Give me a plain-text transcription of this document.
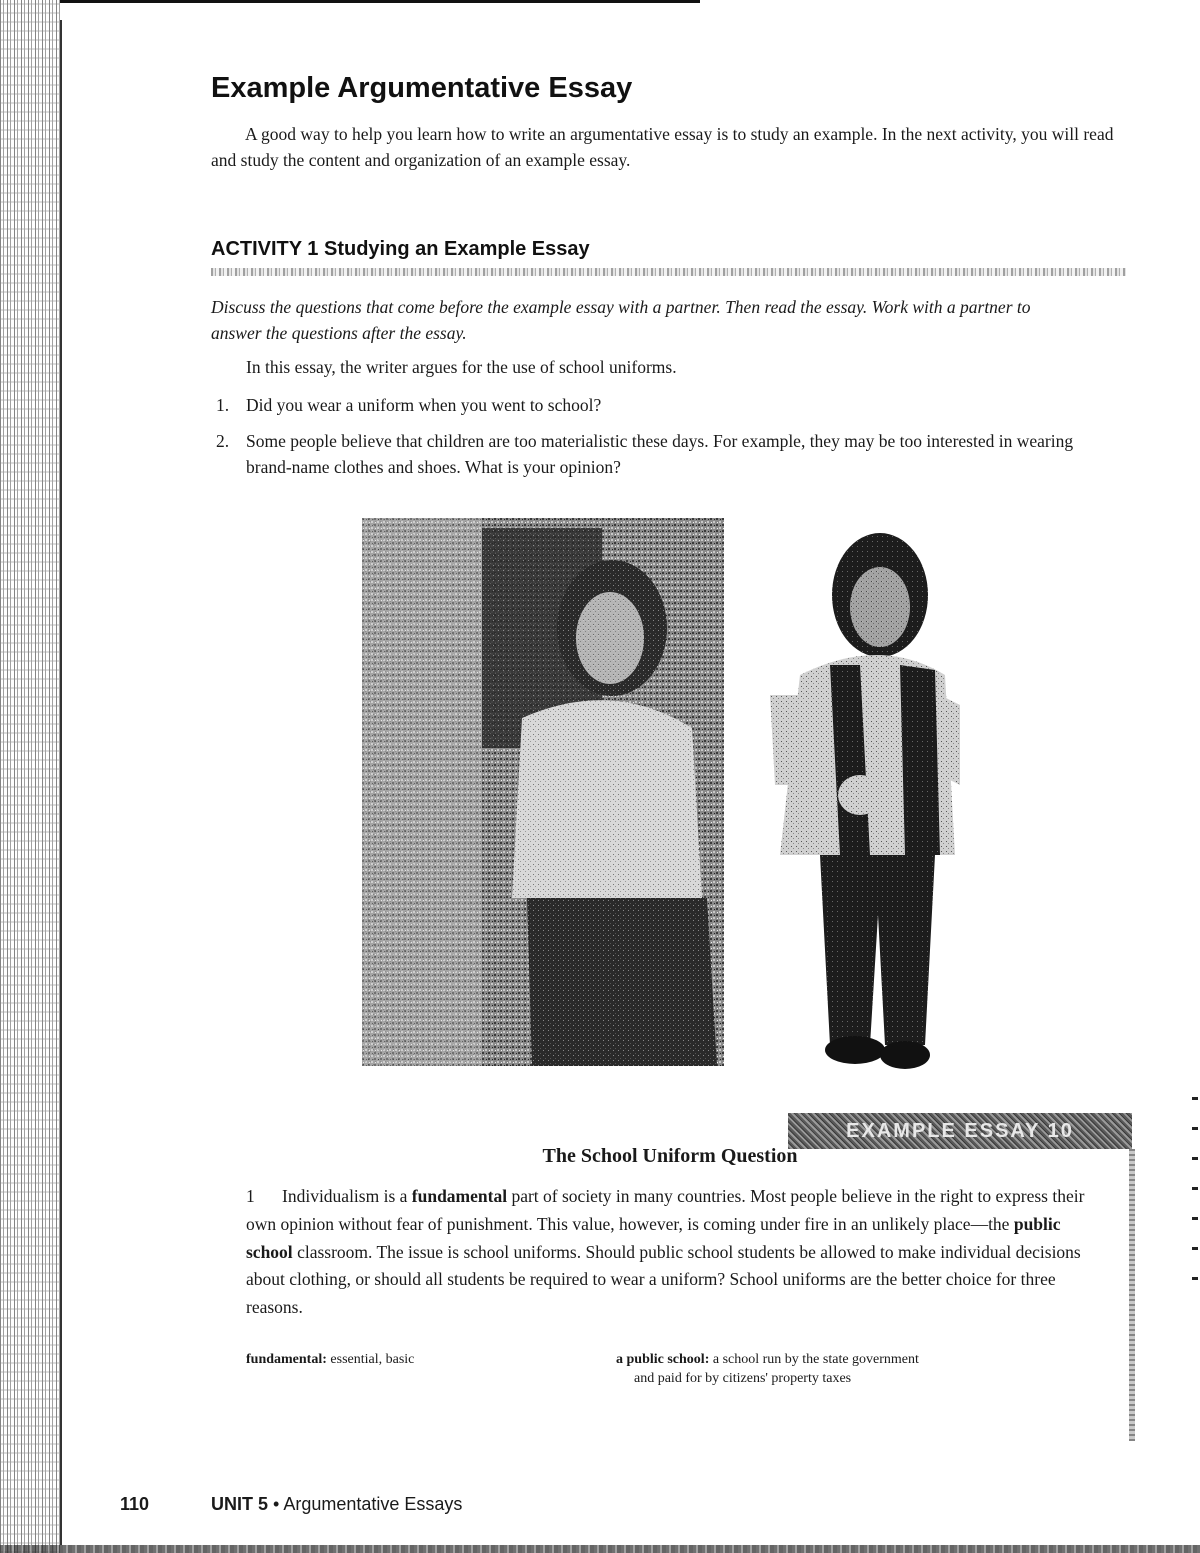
Example Argumentative Essay

A good way to help you learn how to write an argumentative essay is to study an example. In the next activity, you will read and study the content and organization of an example essay.

ACTIVITY 1 Studying an Example Essay

Discuss the questions that come before the example essay with a partner. Then read the essay. Work with a partner to answer the questions after the essay.

In this essay, the writer argues for the use of school uniforms.
1. Did you wear a uniform when you went to school?
2. Some people believe that children are too materialistic these days. For example, they may be too interested in wearing brand-name clothes and shoes. What is your opinion?
EXAMPLE ESSAY 10
The School Uniform Question

1 Individualism is a fundamental part of society in many countries. Most people believe in the right to express their own opinion without fear of punishment. This value, however, is coming under fire in an unlikely place—the public school classroom. The issue is school uniforms. Should public school students be allowed to make individual decisions about clothing, or should all students be required to wear a uniform? School uniforms are the better choice for three reasons.

fundamental: essential, basic	a public school: a school run by the state government
and paid for by citizens' property taxes
110	UNIT 5 • Argumentative Essays
